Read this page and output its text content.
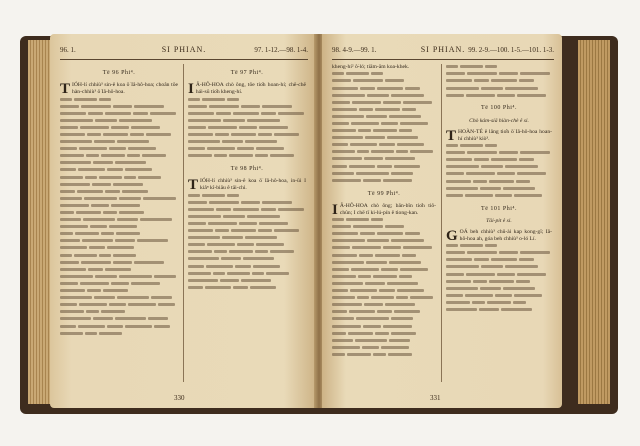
96. 1.	SI PHIAN.	97. 1-12.—98. 1-4.
Tē 96 Phi⁴.

TIÓH-lí chhiù³ sin-ê koa ō͘ Iâ-hô-hoa; choân tōe hàn-chhiù³ ō͘ Iâ-hô-hoa.

Tē 97 Phi⁴.

I Â-HÔ-HOA chò ông, tōe tio̍h hoan-hí; chē-chē hái-sū tio̍h kheng-hí.

Tē 98 Phi⁴.

TIÓH-lí chhiù³ sin-ê koa ō͘ Iâ-hô-hoa, in-ūi I kiâⁿ kî-biāu ê tāi-chì.

330
98. 4-9.—99. 1.	SI PHIAN. 99. 2-9.—100. 1-5.—101. 1-3.

kheng-hí² ô͘-ló; tiām-ām koa-khek.

Tē 99 Phi⁴.

I Â-HÔ-HOA chò ông; bān-bîn tio̍h tiô-chûn; I chē tī ki-lú-pín ê tiong-kan.

Tē 100 Phi⁴.
Chò kám-siā hiàn-chè ê si.

THOÀN-TÉ ê lâng tio̍h ō͘ Iâ-hô-hoa hoan-hí chhiù³ kiò³.

Tē 101 Phi⁴.
Tāi-pit ê si.

GOÁ beh chhiù³ chû-ài kap kong-gī; Iâ-hô-hoa ah, góa beh chhiù³ o-ló Lí.

331
